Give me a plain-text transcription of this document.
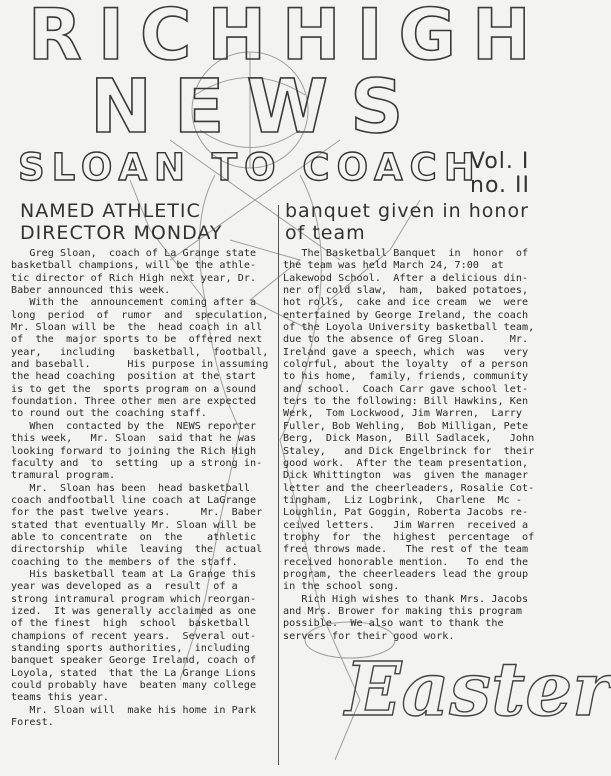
RICHHIGH
NEWS
SLOAN TO COACH
Vol. I
no. II
NAMED ATHLETIC DIRECTOR MONDAY
banquet given in honor of team

Greg Sloan,  coach of La Grange state

basketball champions, will be the athle-

tic director of Rich High next year, Dr.

Baber announced this week.

With the  announcement coming after a

long  period  of  rumor  and  speculation,

Mr. Sloan will be  the  head coach in all

of  the  major sports to be  offered next

year,   including   basketball,  football,

and baseball.      His purpose in assuming

the head coaching  position at the start

is to get the  sports program on a sound

foundation. Three other men are expected

to round out the coaching staff.

When  contacted by the  NEWS reporter

this week,   Mr. Sloan  said that he was

looking forward to joining the Rich High

faculty and  to  setting  up a strong in-

tramural program.

Mr.  Sloan has been  head basketball

coach andfootball line coach at LaGrange

for the past twelve years.     Mr.  Baber

stated that eventually Mr. Sloan will be

able to concentrate  on  the    athletic

directorship  while  leaving  the  actual

coaching to the members of the staff.

His basketball team at La Grange this

year was developed as a  result  of a

strong intramural program which reorgan-

ized.  It was generally acclaimed as one

of the finest  high  school  basketball

champions of recent years.  Several out-

standing sports authorities,  including

banquet speaker George Ireland, coach of

Loyola, stated  that the La Grange Lions

could probably have  beaten many college

teams this year.

Mr. Sloan will  make his home in Park

Forest.

The Basketball Banquet  in  honor  of

the team was held March 24, 7:00  at

Lakewood School.  After a delicious din-

ner of cold slaw,  ham,  baked potatoes,

hot rolls,  cake and ice cream  we  were

entertained by George Ireland, the coach

of the Loyola University basketball team,

due to the absence of Greg Sloan.    Mr.

Ireland gave a speech, which  was   very

colorful, about the loyalty  of a person

to his home,  family, friends, community

and school.  Coach Carr gave school let-

ters to the following: Bill Hawkins, Ken

Werk,  Tom Lockwood, Jim Warren,  Larry

Fuller, Bob Wehling,  Bob Milligan, Pete

Berg,  Dick Mason,  Bill Sadlacek,   John

Staley,   and Dick Engelbrinck for  their

good work.  After the team presentation,

Dick Whittington  was  given the manager

letter and the cheerleaders, Rosalie Cot-

tingham,  Liz Logbrink,  Charlene  Mc -

Loughlin, Pat Goggin, Roberta Jacobs re-

ceived letters.   Jim Warren  received a

trophy  for  the  highest  percentage  of

free throws made.   The rest of the team

received honorable mention.   To end the

program, the cheerleaders lead the group

in the school song.

Rich High wishes to thank Mrs. Jacobs

and Mrs. Brower for making this program

possible.  We also want to thank the

servers for their good work.

Easter
